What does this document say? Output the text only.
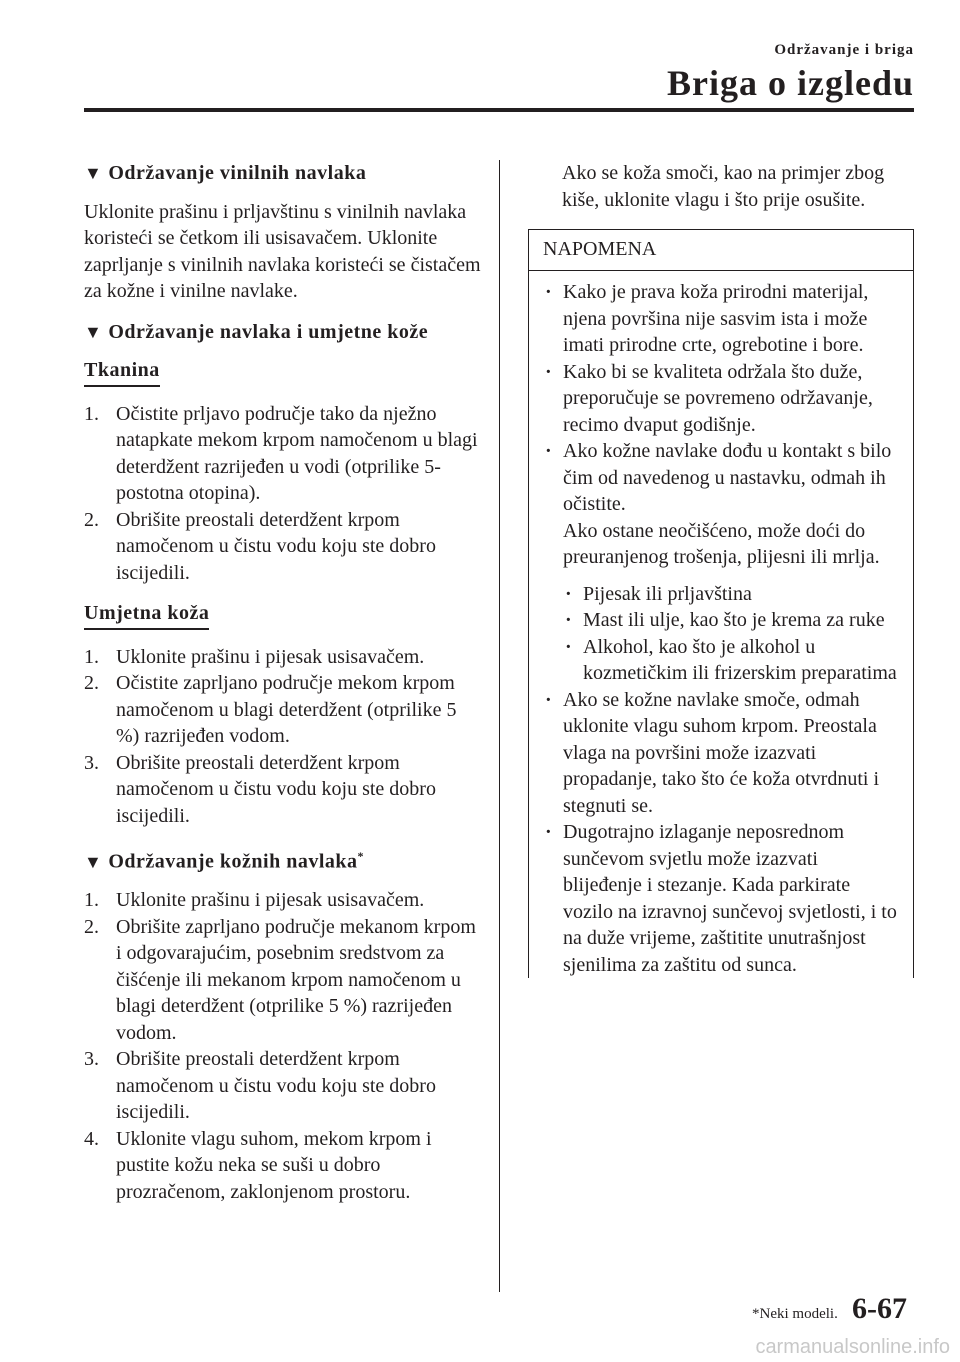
Održavanje i briga
Briga o izgledu
▼ Održavanje vinilnih navlaka

Uklonite prašinu i prljavštinu s vinilnih navlaka koristeći se četkom ili usisavačem. Uklonite zaprljanje s vinilnih navlaka koristeći se čistačem za kožne i vinilne navlake.

▼ Održavanje navlaka i umjetne kože
Tkanina
1. Očistite prljavo područje tako da nježno natapkate mekom krpom namočenom u blagi deterdžent razrijeđen u vodi (otprilike 5-postotna otopina).
2. Obrišite preostali deterdžent krpom namočenom u čistu vodu koju ste dobro iscijedili.
Umjetna koža
1. Uklonite prašinu i pijesak usisavačem.
2. Očistite zaprljano područje mekom krpom namočenom u blagi deterdžent (otprilike 5 %) razrijeđen vodom.
3. Obrišite preostali deterdžent krpom namočenom u čistu vodu koju ste dobro iscijedili.
▼ Održavanje kožnih navlaka*
1. Uklonite prašinu i pijesak usisavačem.
2. Obrišite zaprljano područje mekanom krpom i odgovarajućim, posebnim sredstvom za čišćenje ili mekanom krpom namočenom u blagi deterdžent (otprilike 5 %) razrijeđen vodom.
3. Obrišite preostali deterdžent krpom namočenom u čistu vodu koju ste dobro iscijedili.
4. Uklonite vlagu suhom, mekom krpom i pustite kožu neka se suši u dobro prozračenom, zaklonjenom prostoru.

Ako se koža smoči, kao na primjer zbog kiše, uklonite vlagu i što prije osušite.

NAPOMENA

· Kako je prava koža prirodni materijal, njena površina nije sasvim ista i može imati prirodne crte, ogrebotine i bore.

· Kako bi se kvaliteta održala što duže, preporučuje se povremeno održavanje, recimo dvaput godišnje.

· Ako kožne navlake dođu u kontakt s bilo čim od navedenog u nastavku, odmah ih očistite.
Ako ostane neočišćeno, može doći do preuranjenog trošenja, plijesni ili mrlja.

· Pijesak ili prljavština

· Mast ili ulje, kao što je krema za ruke

· Alkohol, kao što je alkohol u kozmetičkim ili frizerskim preparatima

· Ako se kožne navlake smoče, odmah uklonite vlagu suhom krpom. Preostala vlaga na površini može izazvati propadanje, tako što će koža otvrdnuti i stegnuti se.

· Dugotrajno izlaganje neposrednom sunčevom svjetlu može izazvati blijeđenje i stezanje. Kada parkirate vozilo na izravnoj sunčevoj svjetlosti, i to na duže vrijeme, zaštitite unutrašnjost sjenilima za zaštitu od sunca.

*Neki modeli. 6-67
carmanualsonline.info
